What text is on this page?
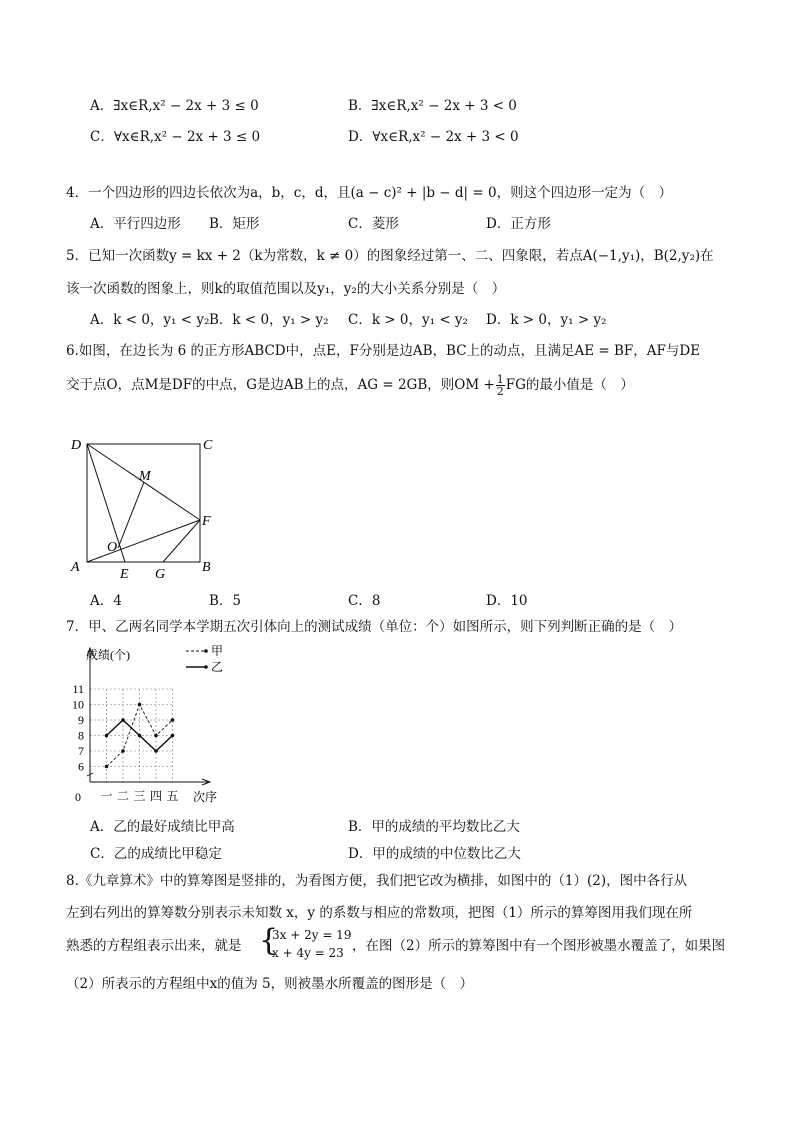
A．∃x∈R,x² − 2x + 3 ≤ 0	B．∃x∈R,x² − 2x + 3 < 0
C．∀x∈R,x² − 2x + 3 ≤ 0	D．∀x∈R,x² − 2x + 3 < 0
4．一个四边形的四边长依次为a，b，c，d，且(a − c)² + |b − d| = 0，则这个四边形一定为（　）
A．平行四边形 B．矩形	C．菱形	D．正方形
5．已知一次函数y = kx + 2（k为常数，k ≠ 0）的图象经过第一、二、四象限，若点A(−1,y₁)，B(2,y₂)在
该一次函数的图象上，则k的取值范围以及y₁，y₂的大小关系分别是（　）
A．k < 0，y₁ < y₂ B．k < 0，y₁ > y₂ C．k > 0，y₁ < y₂ D．k > 0，y₁ > y₂
6.如图，在边长为 6 的正方形ABCD中，点E，F分别是边AB，BC上的动点，且满足AE = BF，AF与DE
交于点O，点M是DF的中点，G是边AB上的点，AG = 2GB，则OM + $\frac{1}{2}$ FG的最小值是（　）
D	C
M
F
O
A	E G	B
A．4	B．5	C．8	D．10
7．甲、乙两名同学本学期五次引体向上的测试成绩（单位：个）如图所示，则下列判断正确的是（　）
6
7
8
9
10
11
0 一 二 三 四 五
成绩(个)
次序
甲
乙
A．乙的最好成绩比甲高	B．甲的成绩的平均数比乙大
C．乙的成绩比甲稳定	D．甲的成绩的中位数比乙大
8.《九章算术》中的算筹图是竖排的，为看图方便，我们把它改为横排，如图中的（1）(2)，图中各行从
左到右列出的算筹数分别表示未知数 x，y 的系数与相应的常数项，把图（1）所示的算筹图用我们现在所
熟悉的方程组表示出来，就是 {
3x + 2y = 19
x + 4y = 23 ，在图（2）所示的算筹图中有一个图形被墨水覆盖了，如果图
（2）所表示的方程组中x的值为 5，则被墨水所覆盖的图形是（　）
